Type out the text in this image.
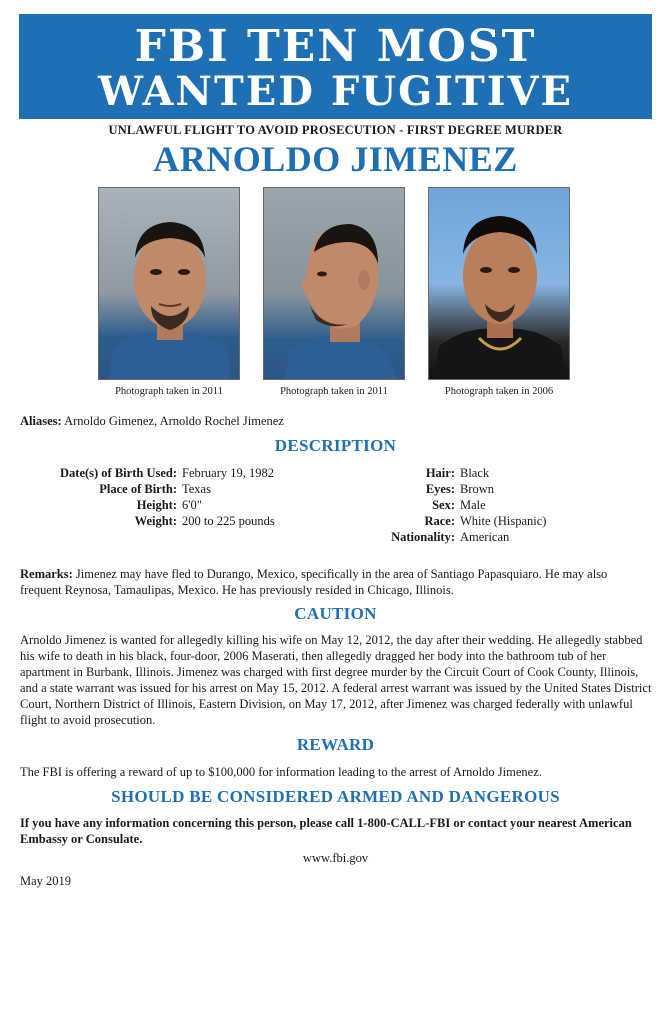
FBI TEN MOST
WANTED FUGITIVE
UNLAWFUL FLIGHT TO AVOID PROSECUTION - FIRST DEGREE MURDER
ARNOLDO JIMENEZ
Photograph taken in 2011	Photograph taken in 2011	Photograph taken in 2006
Aliases: Arnoldo Gimenez, Arnoldo Rochel Jimenez
DESCRIPTION
Date(s) of Birth Used: February 19, 1982
Place of Birth: Texas
Height: 6'0"
Weight: 200 to 225 pounds
Hair: Black
Eyes: Brown
Sex: Male
Race: White (Hispanic)
Nationality: American
Remarks: Jimenez may have fled to Durango, Mexico, specifically in the area of Santiago Papasquiaro. He may also frequent Reynosa, Tamaulipas, Mexico. He has previously resided in Chicago, Illinois.
CAUTION
Arnoldo Jimenez is wanted for allegedly killing his wife on May 12, 2012, the day after their wedding. He allegedly stabbed his wife to death in his black, four-door, 2006 Maserati, then allegedly dragged her body into the bathroom tub of her apartment in Burbank, Illinois. Jimenez was charged with first degree murder by the Circuit Court of Cook County, Illinois, and a state warrant was issued for his arrest on May 15, 2012. A federal arrest warrant was issued by the United States District Court, Northern District of Illinois, Eastern Division, on May 17, 2012, after Jimenez was charged federally with unlawful flight to avoid prosecution.
REWARD
The FBI is offering a reward of up to $100,000 for information leading to the arrest of Arnoldo Jimenez.
SHOULD BE CONSIDERED ARMED AND DANGEROUS
If you have any information concerning this person, please call 1-800-CALL-FBI or contact your nearest American Embassy or Consulate.
www.fbi.gov
May 2019
